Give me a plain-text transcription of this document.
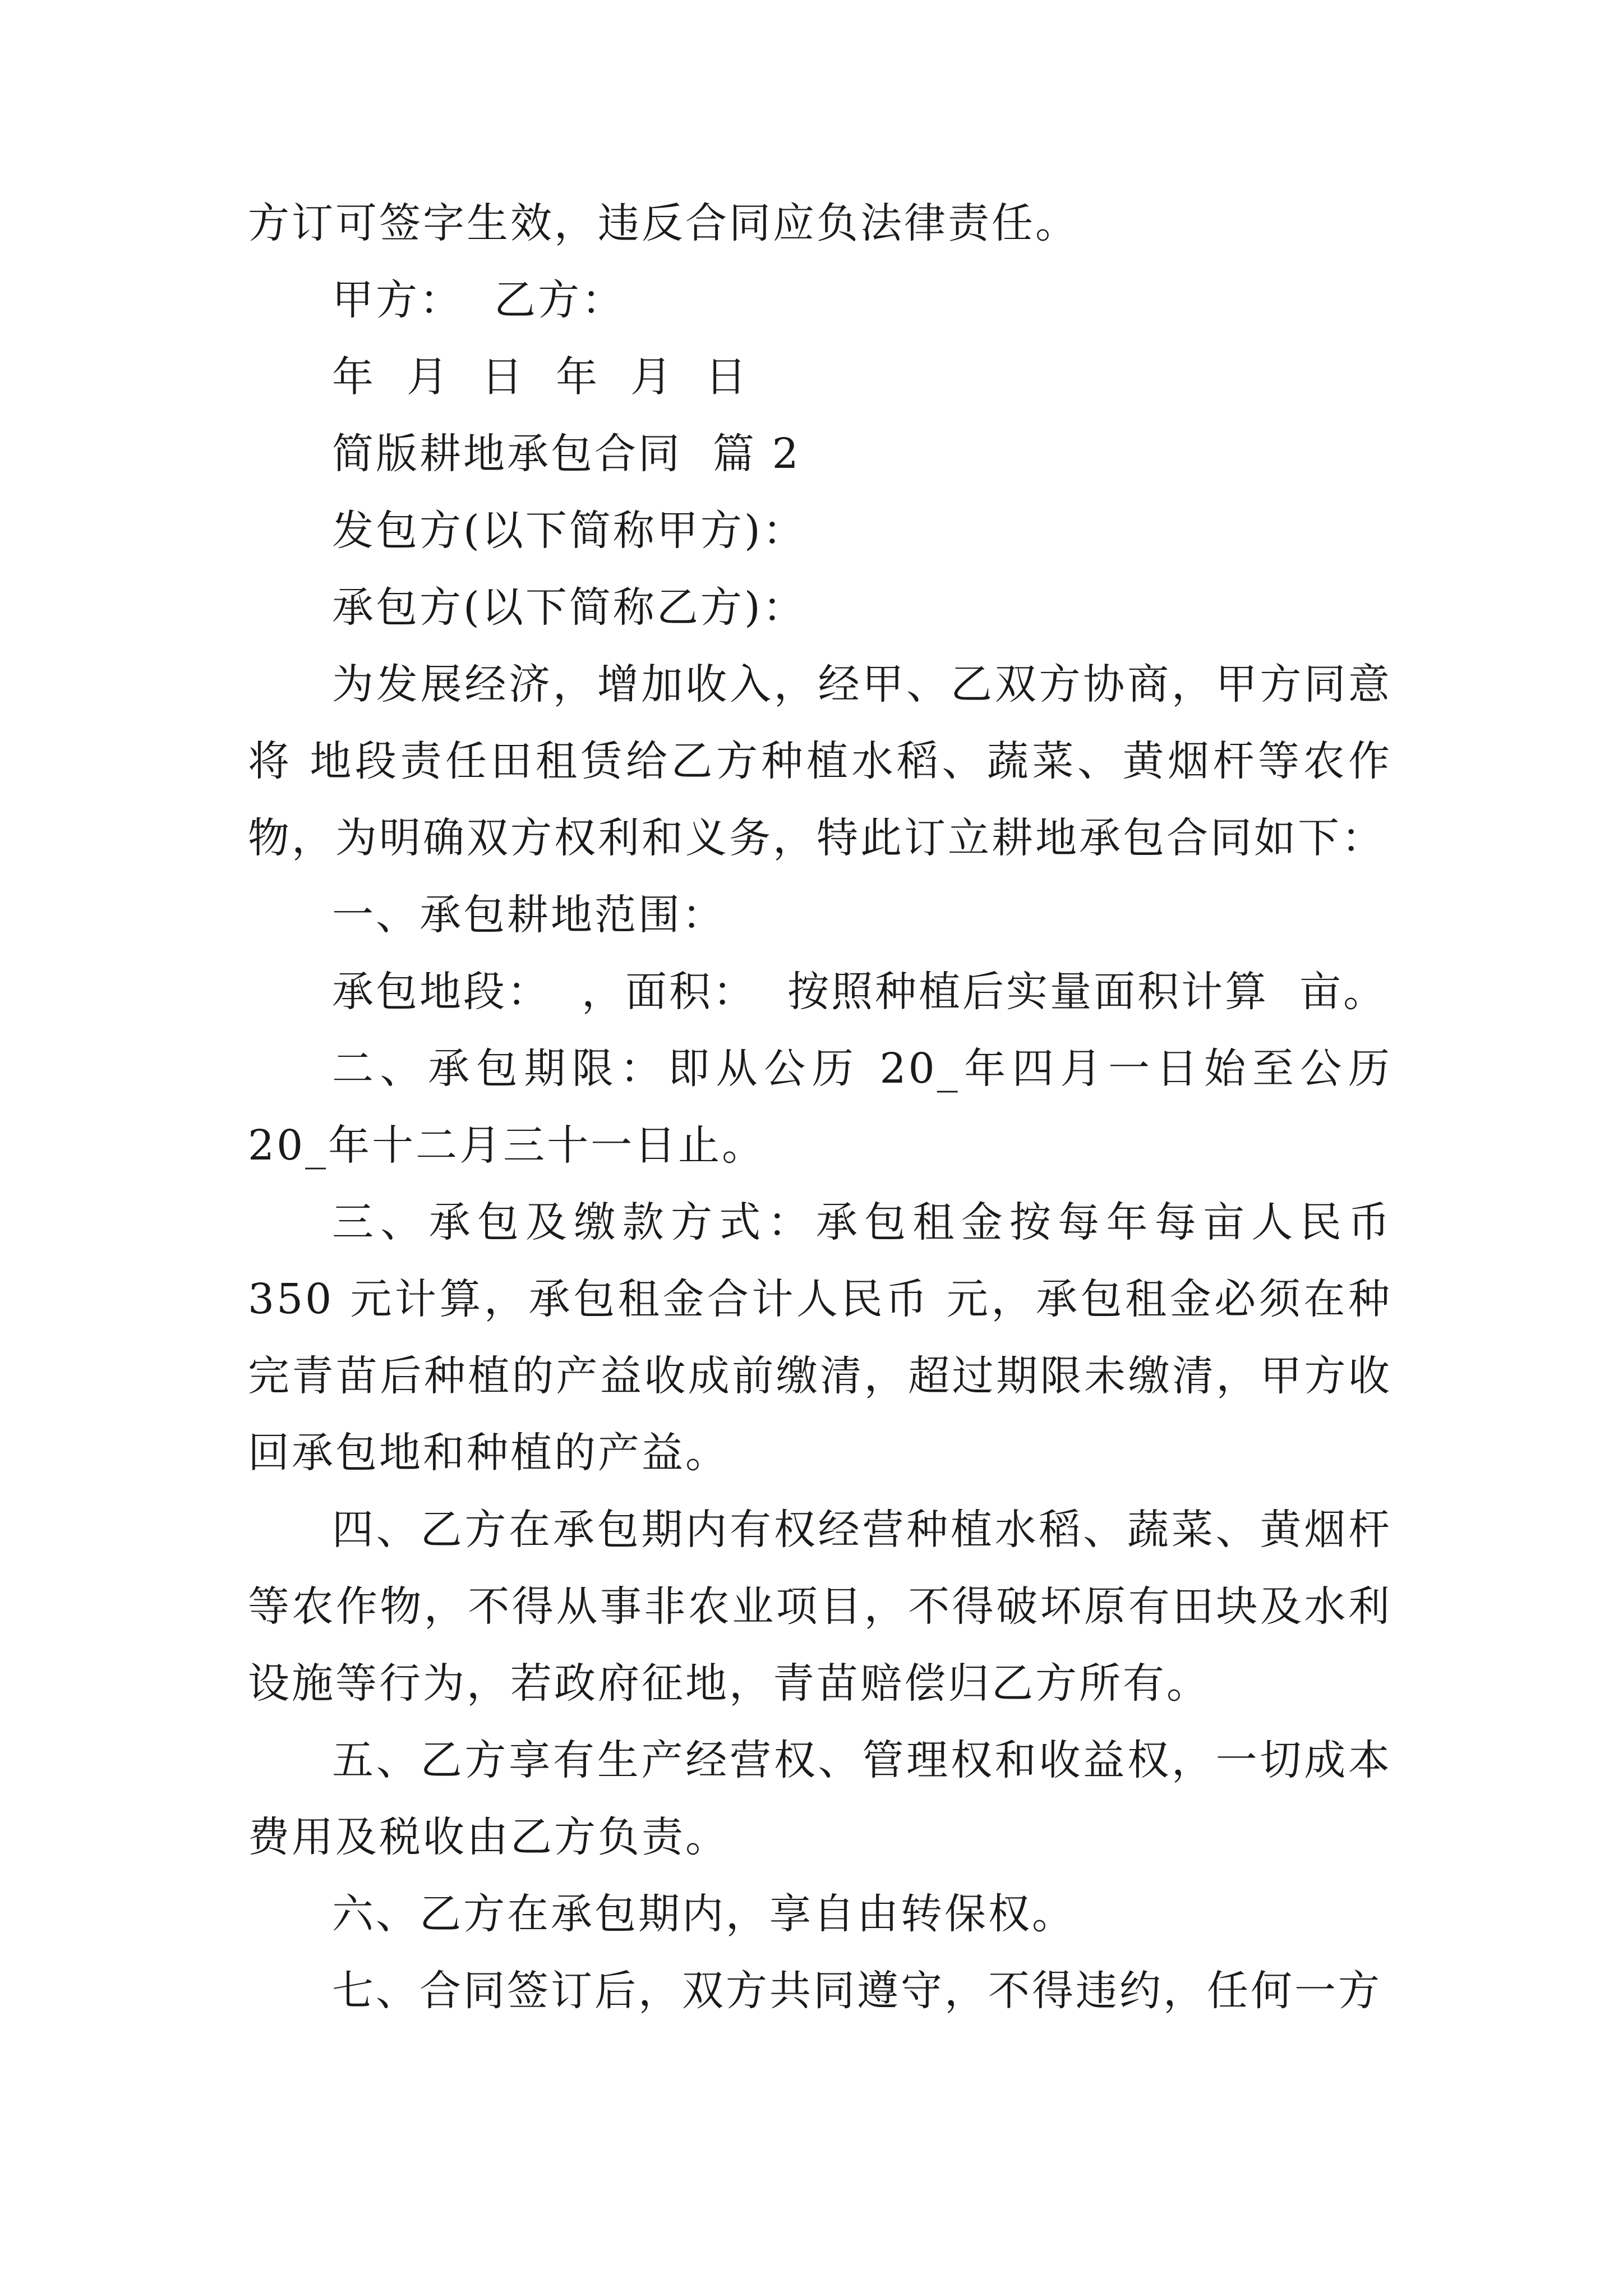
方订可签字生效，违反合同应负法律责任。

甲方：  乙方：

年  月  日  年  月  日

简版耕地承包合同  篇 2

发包方(以下简称甲方)：

承包方(以下简称乙方)：

为发展经济，增加收入，经甲、乙双方协商，甲方同意将 地段责任田租赁给乙方种植水稻、蔬菜、黄烟杆等农作物，为明确双方权利和义务，特此订立耕地承包合同如下：

一、承包耕地范围：

承包地段：  ，面积：  按照种植后实量面积计算  亩。

二、承包期限：即从公历 20_年四月一日始至公历 20_年十二月三十一日止。

三、承包及缴款方式：承包租金按每年每亩人民币 350 元计算，承包租金合计人民币 元，承包租金必须在种完青苗后种植的产益收成前缴清，超过期限未缴清，甲方收回承包地和种植的产益。

四、乙方在承包期内有权经营种植水稻、蔬菜、黄烟杆等农作物，不得从事非农业项目，不得破坏原有田块及水利设施等行为，若政府征地，青苗赔偿归乙方所有。

五、乙方享有生产经营权、管理权和收益权，一切成本费用及税收由乙方负责。

六、乙方在承包期内，享自由转保权。

七、合同签订后，双方共同遵守，不得违约，任何一方
